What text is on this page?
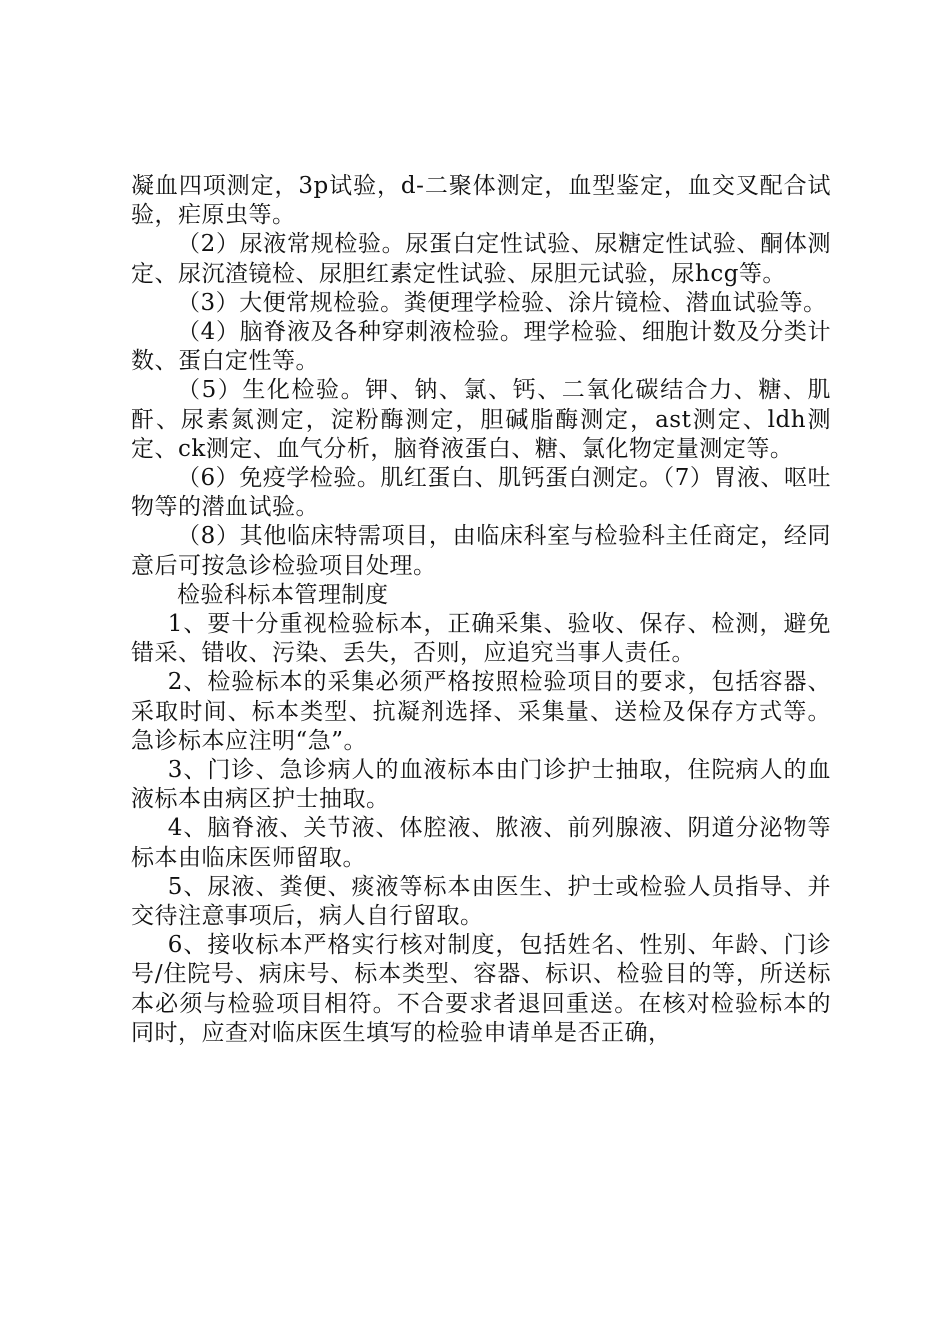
凝血四项测定，3p试验，d-二聚体测定，血型鉴定，血交叉配合试验，疟原虫等。

（2）尿液常规检验。尿蛋白定性试验、尿糖定性试验、酮体测定、尿沉渣镜检、尿胆红素定性试验、尿胆元试验，尿hcg等。

（3）大便常规检验。粪便理学检验、涂片镜检、潜血试验等。

（4）脑脊液及各种穿刺液检验。理学检验、细胞计数及分类计数、蛋白定性等。

（5）生化检验。钾、钠、氯、钙、二氧化碳结合力、糖、肌酐、尿素氮测定，淀粉酶测定，胆碱脂酶测定，ast测定、ldh测定、ck测定、血气分析，脑脊液蛋白、糖、氯化物定量测定等。

（6）免疫学检验。肌红蛋白、肌钙蛋白测定。（7）胃液、呕吐物等的潜血试验。

（8）其他临床特需项目，由临床科室与检验科主任商定，经同意后可按急诊检验项目处理。

检验科标本管理制度

1、要十分重视检验标本，正确采集、验收、保存、检测，避免错采、错收、污染、丢失，否则，应追究当事人责任。

2、检验标本的采集必须严格按照检验项目的要求，包括容器、采取时间、标本类型、抗凝剂选择、采集量、送检及保存方式等。急诊标本应注明“急”。

3、门诊、急诊病人的血液标本由门诊护士抽取，住院病人的血液标本由病区护士抽取。

4、脑脊液、关节液、体腔液、脓液、前列腺液、阴道分泌物等标本由临床医师留取。

5、尿液、粪便、痰液等标本由医生、护士或检验人员指导、并交待注意事项后，病人自行留取。

6、接收标本严格实行核对制度，包括姓名、性别、年龄、门诊号/住院号、病床号、标本类型、容器、标识、检验目的等，所送标本必须与检验项目相符。不合要求者退回重送。在核对检验标本的同时，应查对临床医生填写的检验申请单是否正确，
